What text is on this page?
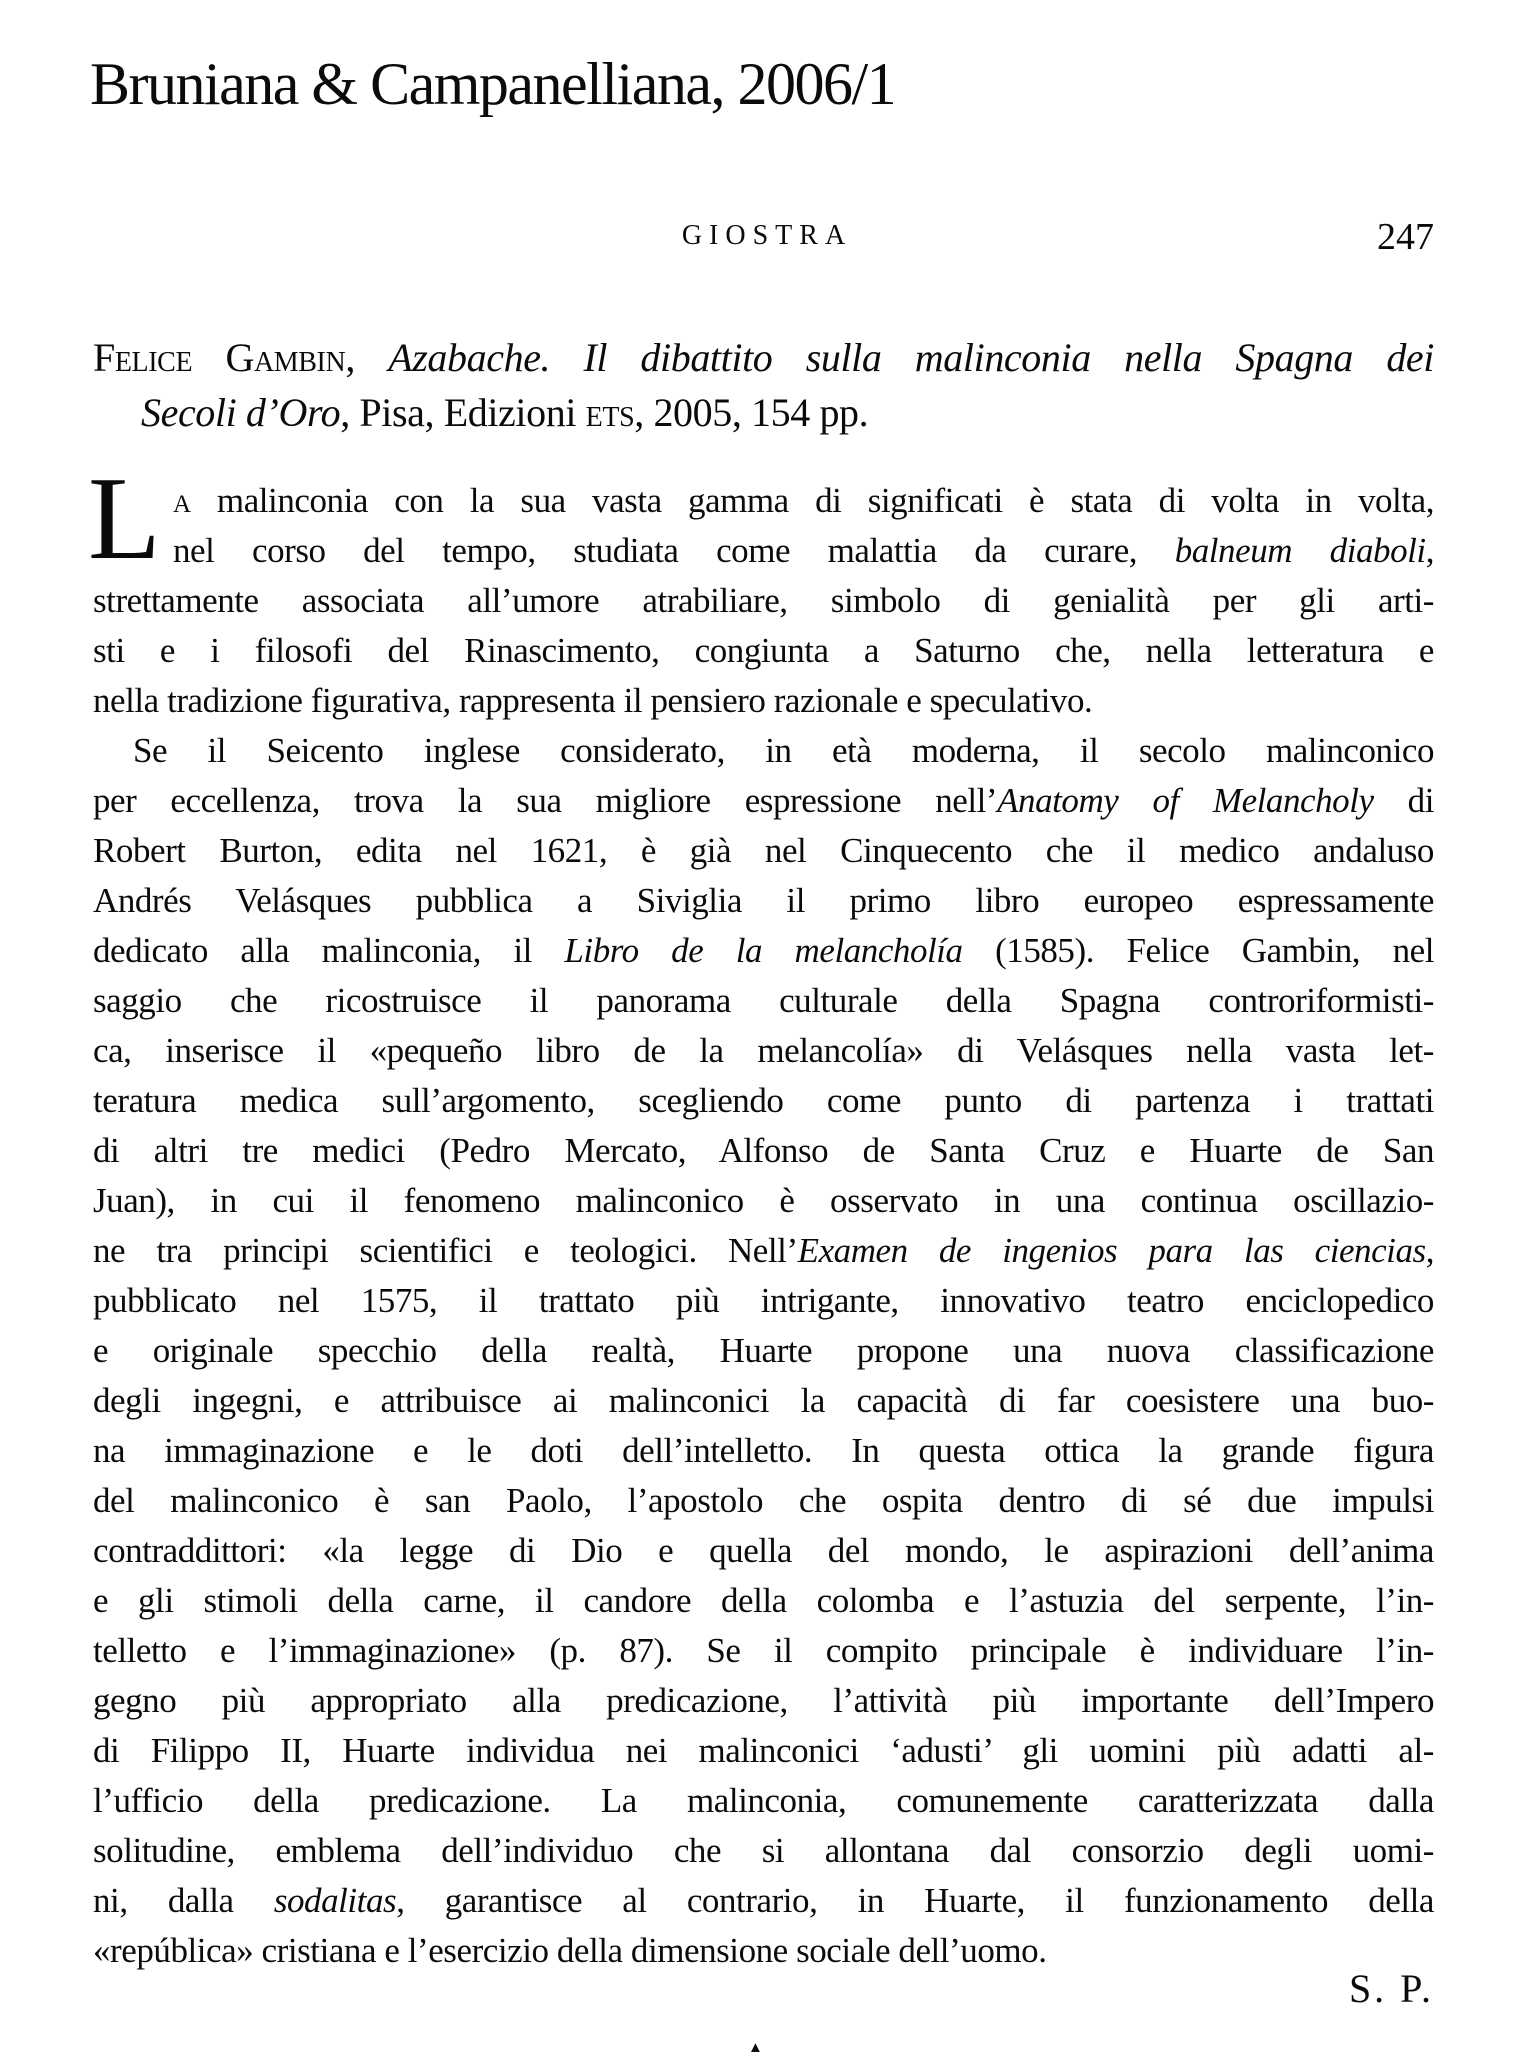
Bruniana & Campanelliana, 2006/1
GIOSTRA	247
Felice Gambin, Azabache. Il dibattito sulla malinconia nella Spagna dei
Secoli d’Oro, Pisa, Edizioni ets, 2005, 154 pp.
L a malinconia con la sua vasta gamma di significati è stata di volta in volta,
nel corso del tempo, studiata come malattia da curare, balneum diaboli,
strettamente associata all’umore atrabiliare, simbolo di genialità per gli arti-
sti e i filosofi del Rinascimento, congiunta a Saturno che, nella letteratura e
nella tradizione figurativa, rappresenta il pensiero razionale e speculativo.
Se il Seicento inglese considerato, in età moderna, il secolo malinconico
per eccellenza, trova la sua migliore espressione nell’Anatomy of Melancholy di
Robert Burton, edita nel 1621, è già nel Cinquecento che il medico andaluso
Andrés Velásques pubblica a Siviglia il primo libro europeo espressamente
dedicato alla malinconia, il Libro de la melancholía (1585). Felice Gambin, nel
saggio che ricostruisce il panorama culturale della Spagna controriformisti-
ca, inserisce il «pequeño libro de la melancolía» di Velásques nella vasta let-
teratura medica sull’argomento, scegliendo come punto di partenza i trattati
di altri tre medici (Pedro Mercato, Alfonso de Santa Cruz e Huarte de San
Juan), in cui il fenomeno malinconico è osservato in una continua oscillazio-
ne tra principi scientifici e teologici. Nell’Examen de ingenios para las ciencias,
pubblicato nel 1575, il trattato più intrigante, innovativo teatro enciclopedico
e originale specchio della realtà, Huarte propone una nuova classificazione
degli ingegni, e attribuisce ai malinconici la capacità di far coesistere una buo-
na immaginazione e le doti dell’intelletto. In questa ottica la grande figura
del malinconico è san Paolo, l’apostolo che ospita dentro di sé due impulsi
contraddittori: «la legge di Dio e quella del mondo, le aspirazioni dell’anima
e gli stimoli della carne, il candore della colomba e l’astuzia del serpente, l’in-
telletto e l’immaginazione» (p. 87). Se il compito principale è individuare l’in-
gegno più appropriato alla predicazione, l’attività più importante dell’Impero
di Filippo II, Huarte individua nei malinconici ‘adusti’ gli uomini più adatti al-
l’ufficio della predicazione. La malinconia, comunemente caratterizzata dalla
solitudine, emblema dell’individuo che si allontana dal consorzio degli uomi-
ni, dalla sodalitas, garantisce al contrario, in Huarte, il funzionamento della
«república» cristiana e l’esercizio della dimensione sociale dell’uomo.
S. P.
▲
